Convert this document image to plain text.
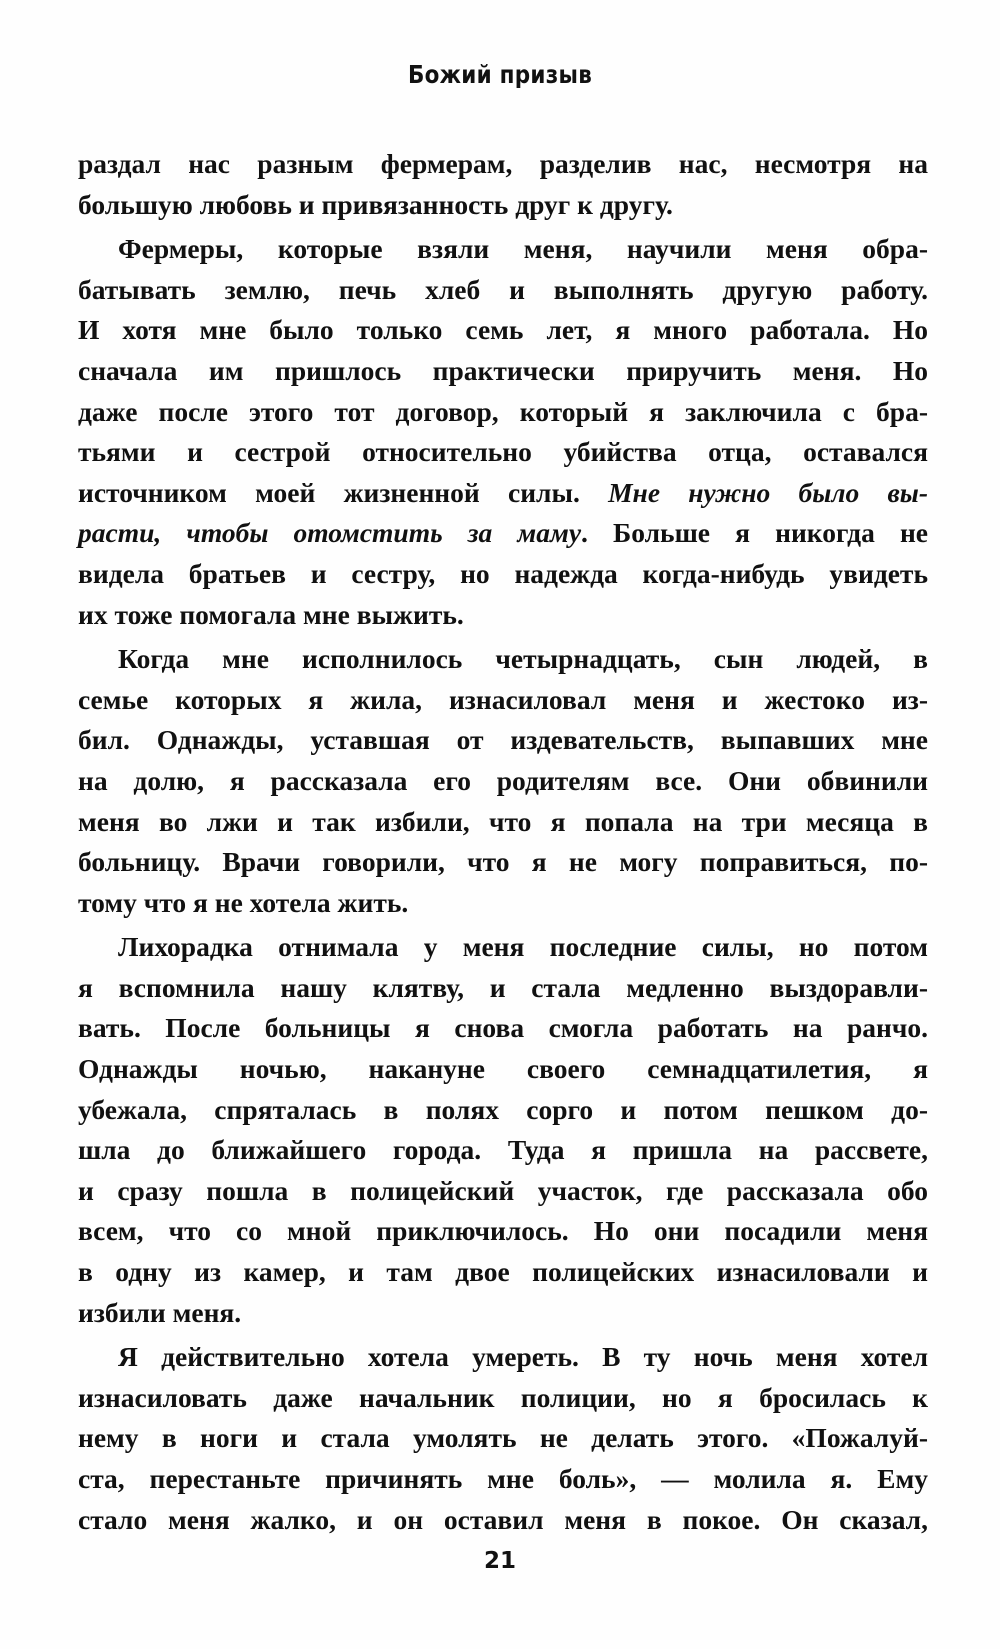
Божий призыв
раздал нас разным фермерам, разделив нас, несмотря на
большую любовь и привязанность друг к другу.
Фермеры, которые взяли меня, научили меня обра-
батывать землю, печь хлеб и выполнять другую работу.
И хотя мне было только семь лет, я много работала. Но
сначала им пришлось практически приручить меня. Но
даже после этого тот договор, который я заключила с бра-
тьями и сестрой относительно убийства отца, оставался
источником моей жизненной силы. Мне нужно было вы-
расти, чтобы отомстить за маму. Больше я никогда не
видела братьев и сестру, но надежда когда-нибудь увидеть
их тоже помогала мне выжить.
Когда мне исполнилось четырнадцать, сын людей, в
семье которых я жила, изнасиловал меня и жестоко из-
бил. Однажды, уставшая от издевательств, выпавших мне
на долю, я рассказала его родителям все. Они обвинили
меня во лжи и так избили, что я попала на три месяца в
больницу. Врачи говорили, что я не могу поправиться, по-
тому что я не хотела жить.
Лихорадка отнимала у меня последние силы, но потом
я вспомнила нашу клятву, и стала медленно выздоравли-
вать. После больницы я снова смогла работать на ранчо.
Однажды ночью, накануне своего семнадцатилетия, я
убежала, спряталась в полях сорго и потом пешком до-
шла до ближайшего города. Туда я пришла на рассвете,
и сразу пошла в полицейский участок, где рассказала обо
всем, что со мной приключилось. Но они посадили меня
в одну из камер, и там двое полицейских изнасиловали и
избили меня.
Я действительно хотела умереть. В ту ночь меня хотел
изнасиловать даже начальник полиции, но я бросилась к
нему в ноги и стала умолять не делать этого. «Пожалуй-
ста, перестаньте причинять мне боль», — молила я. Ему
стало меня жалко, и он оставил меня в покое. Он сказал,
21
